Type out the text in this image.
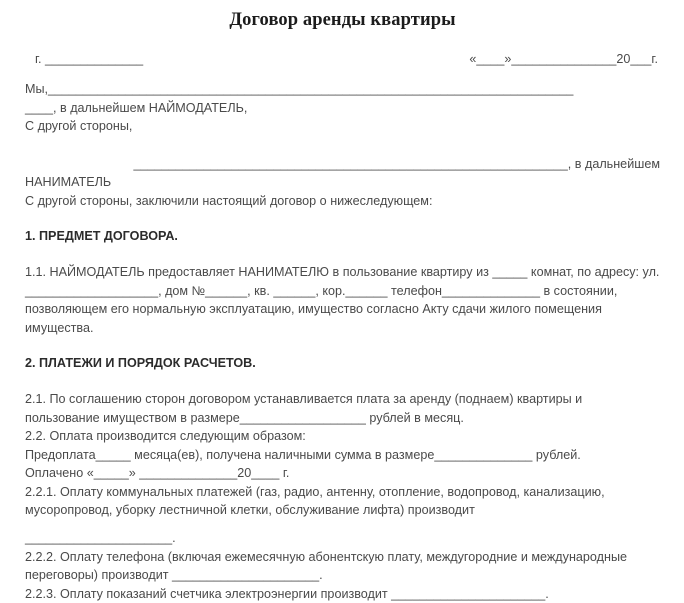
Договор аренды квартиры
г. ______________	«____»_______________20___г.
Мы,___________________________________________________________________________
____, в дальнейшем НАЙМОДАТЕЛЬ,
С другой стороны,
______________________________________________________________, в дальнейшем
НАНИМАТЕЛЬ
С другой стороны, заключили настоящий договор о нижеследующем:
1. ПРЕДМЕТ ДОГОВОРА.

1.1. НАЙМОДАТЕЛЬ предоставляет НАНИМАТЕЛЮ в пользование квартиру из _____ комнат, по адресу: ул. ___________________, дом №______, кв. ______, кор.______ телефон______________ в состоянии, позволяющем его нормальную эксплуатацию, имущество согласно Акту сдачи жилого помещения имущества.

2. ПЛАТЕЖИ И ПОРЯДОК РАСЧЕТОВ.

2.1. По соглашению сторон договором устанавливается плата за аренду (поднаем) квартиры и пользование имуществом в размере__________________ рублей в месяц.

2.2. Оплата производится следующим образом:

Предоплата_____ месяца(ев), получена наличными сумма в размере______________ рублей.

Оплачено «_____» ______________20____ г.

2.2.1. Оплату коммунальных платежей (газ, радио, антенну, отопление, водопровод, канализацию, мусоропровод, уборку лестничной клетки, обслуживание лифта) производит

_____________________.

2.2.2. Оплату телефона (включая ежемесячную абонентскую плату, междугородние и международные переговоры) производит _____________________.

2.2.3. Оплату показаний счетчика электроэнергии производит ______________________.
